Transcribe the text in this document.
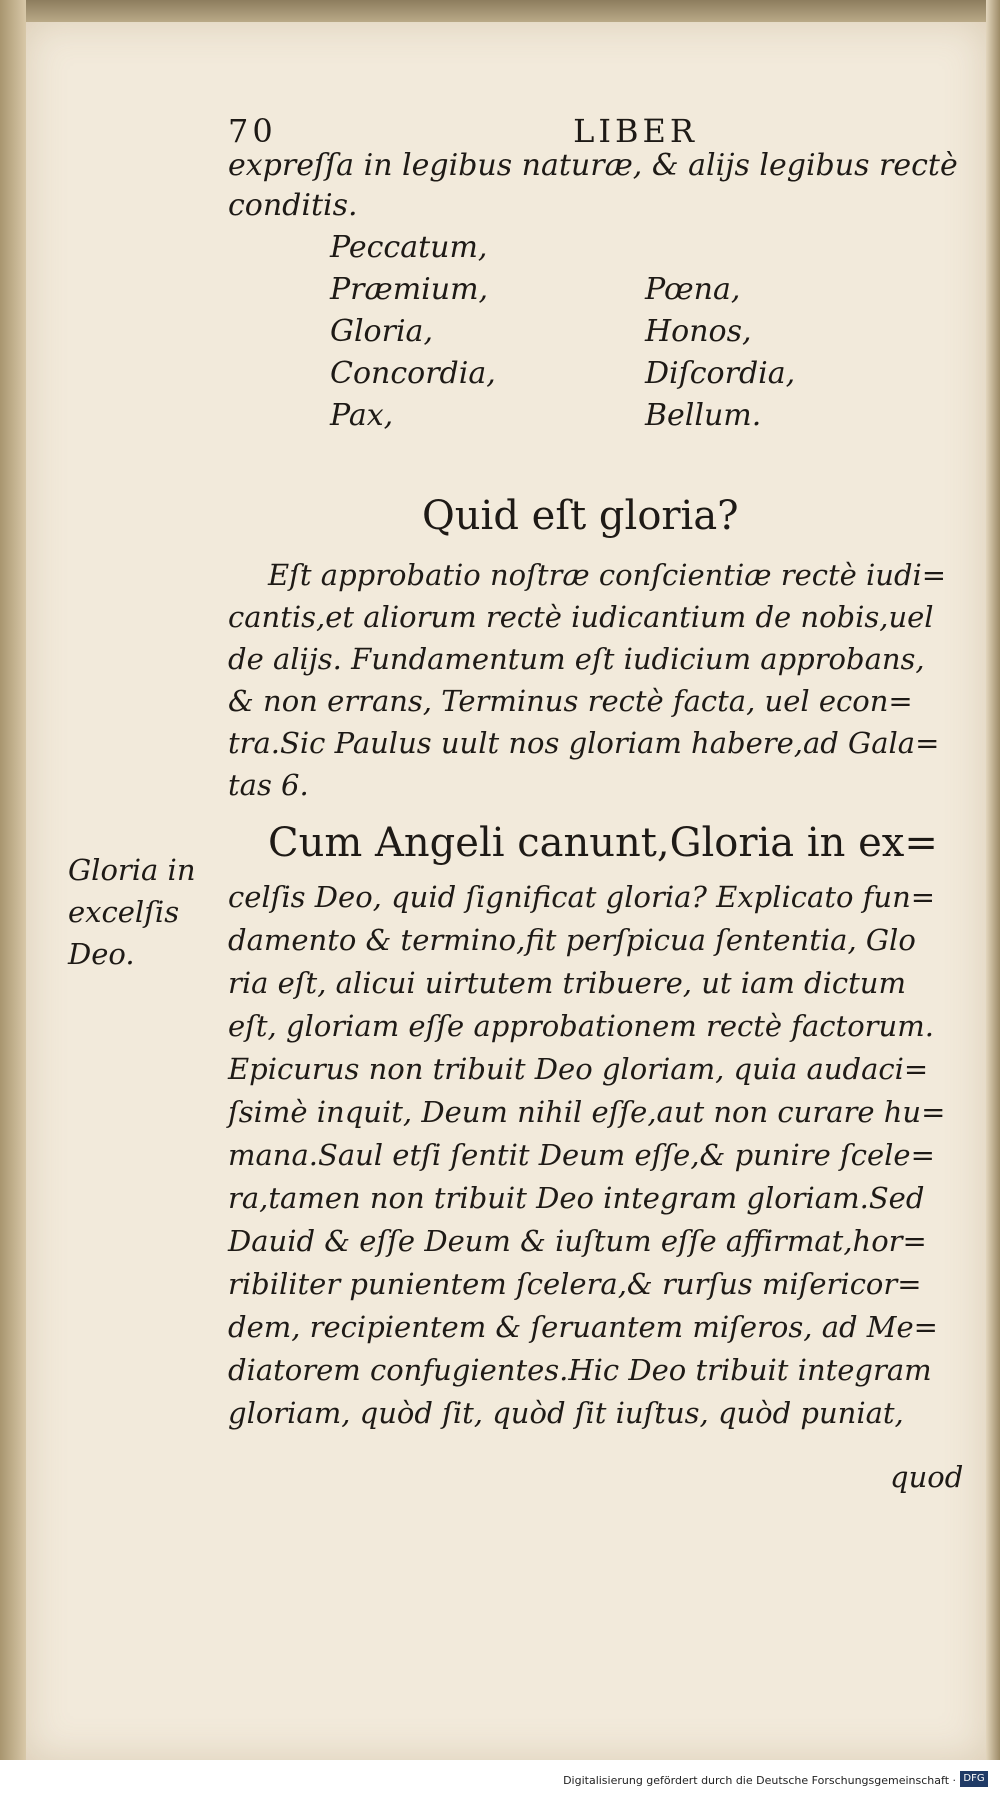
70	LIBER
expreſſa in legibus naturæ, & alijs legibus rectè
conditis.
Peccatum,
Præmium,	Pœna,
Gloria,	Honos,
Concordia,	Diſcordia,
Pax,	Bellum.
Quid eſt gloria?
Eſt approbatio noſtræ conſcientiæ rectè iudi=
cantis,et aliorum rectè iudicantium de nobis,uel
de alijs. Fundamentum eſt iudicium approbans,
& non errans, Terminus rectè facta, uel econ=
tra.Sic Paulus uult nos gloriam habere,ad Gala=
tas 6.
Cum Angeli canunt,Gloria in ex=
Gloria in
excelſis
Deo.
celſis Deo, quid ſignificat gloria? Explicato fun=
damento & termino,fit perſpicua ſententia, Glo
ria eſt, alicui uirtutem tribuere, ut iam dictum
eſt, gloriam eſſe approbationem rectè factorum.
Epicurus non tribuit Deo gloriam, quia audaci=
ſsimè inquit, Deum nihil eſſe,aut non curare hu=
mana.Saul etſi ſentit Deum eſſe,& punire ſcele=
ra,tamen non tribuit Deo integram gloriam.Sed
Dauid & eſſe Deum & iuſtum eſſe affirmat,hor=
ribiliter punientem ſcelera,& rurſus miſericor=
dem, recipientem & ſeruantem miſeros, ad Me=
diatorem confugientes.Hic Deo tribuit integram
gloriam, quòd ſit, quòd ſit iuſtus, quòd puniat,
quod
Digitalisierung gefördert durch die Deutsche Forschungsgemeinschaft · DFG
